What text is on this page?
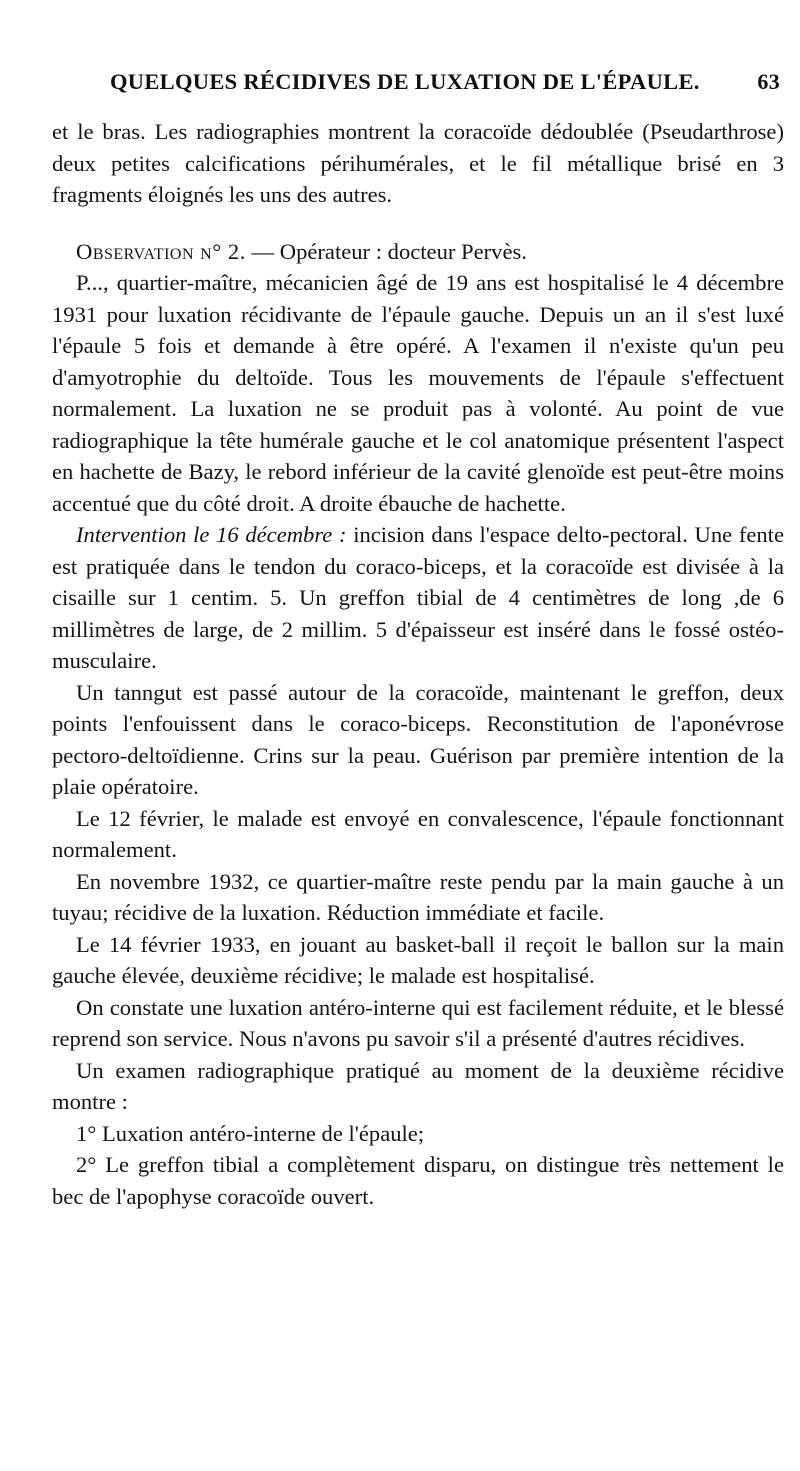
QUELQUES RÉCIDIVES DE LUXATION DE L'ÉPAULE.	63

et le bras. Les radiographies montrent la coracoïde dédoublée (Pseudarthrose) deux petites calcifications périhumérales, et le fil métallique brisé en 3 fragments éloignés les uns des autres.

Observation n° 2. — Opérateur : docteur Pervès.

P..., quartier-maître, mécanicien âgé de 19 ans est hospitalisé le 4 décembre 1931 pour luxation récidivante de l'épaule gauche. Depuis un an il s'est luxé l'épaule 5 fois et demande à être opéré. A l'examen il n'existe qu'un peu d'amyotrophie du deltoïde. Tous les mouvements de l'épaule s'effectuent normalement. La luxation ne se produit pas à volonté. Au point de vue radiographique la tête humérale gauche et le col anatomique présentent l'aspect en hachette de Bazy, le rebord inférieur de la cavité glenoïde est peut-être moins accentué que du côté droit. A droite ébauche de hachette.

Intervention le 16 décembre : incision dans l'espace delto-pectoral. Une fente est pratiquée dans le tendon du coraco-biceps, et la coracoïde est divisée à la cisaille sur 1 centim. 5. Un greffon tibial de 4 centimètres de long ,de 6 millimètres de large, de 2 millim. 5 d'épaisseur est inséré dans le fossé ostéo-musculaire.

Un tanngut est passé autour de la coracoïde, maintenant le greffon, deux points l'enfouissent dans le coraco-biceps. Reconstitution de l'aponévrose pectoro-deltoïdienne. Crins sur la peau. Guérison par première intention de la plaie opératoire.

Le 12 février, le malade est envoyé en convalescence, l'épaule fonctionnant normalement.

En novembre 1932, ce quartier-maître reste pendu par la main gauche à un tuyau; récidive de la luxation. Réduction immédiate et facile.

Le 14 février 1933, en jouant au basket-ball il reçoit le ballon sur la main gauche élevée, deuxième récidive; le malade est hospitalisé.

On constate une luxation antéro-interne qui est facilement réduite, et le blessé reprend son service. Nous n'avons pu savoir s'il a présenté d'autres récidives.

Un examen radiographique pratiqué au moment de la deuxième récidive montre :

1° Luxation antéro-interne de l'épaule;

2° Le greffon tibial a complètement disparu, on distingue très nettement le bec de l'apophyse coracoïde ouvert.
